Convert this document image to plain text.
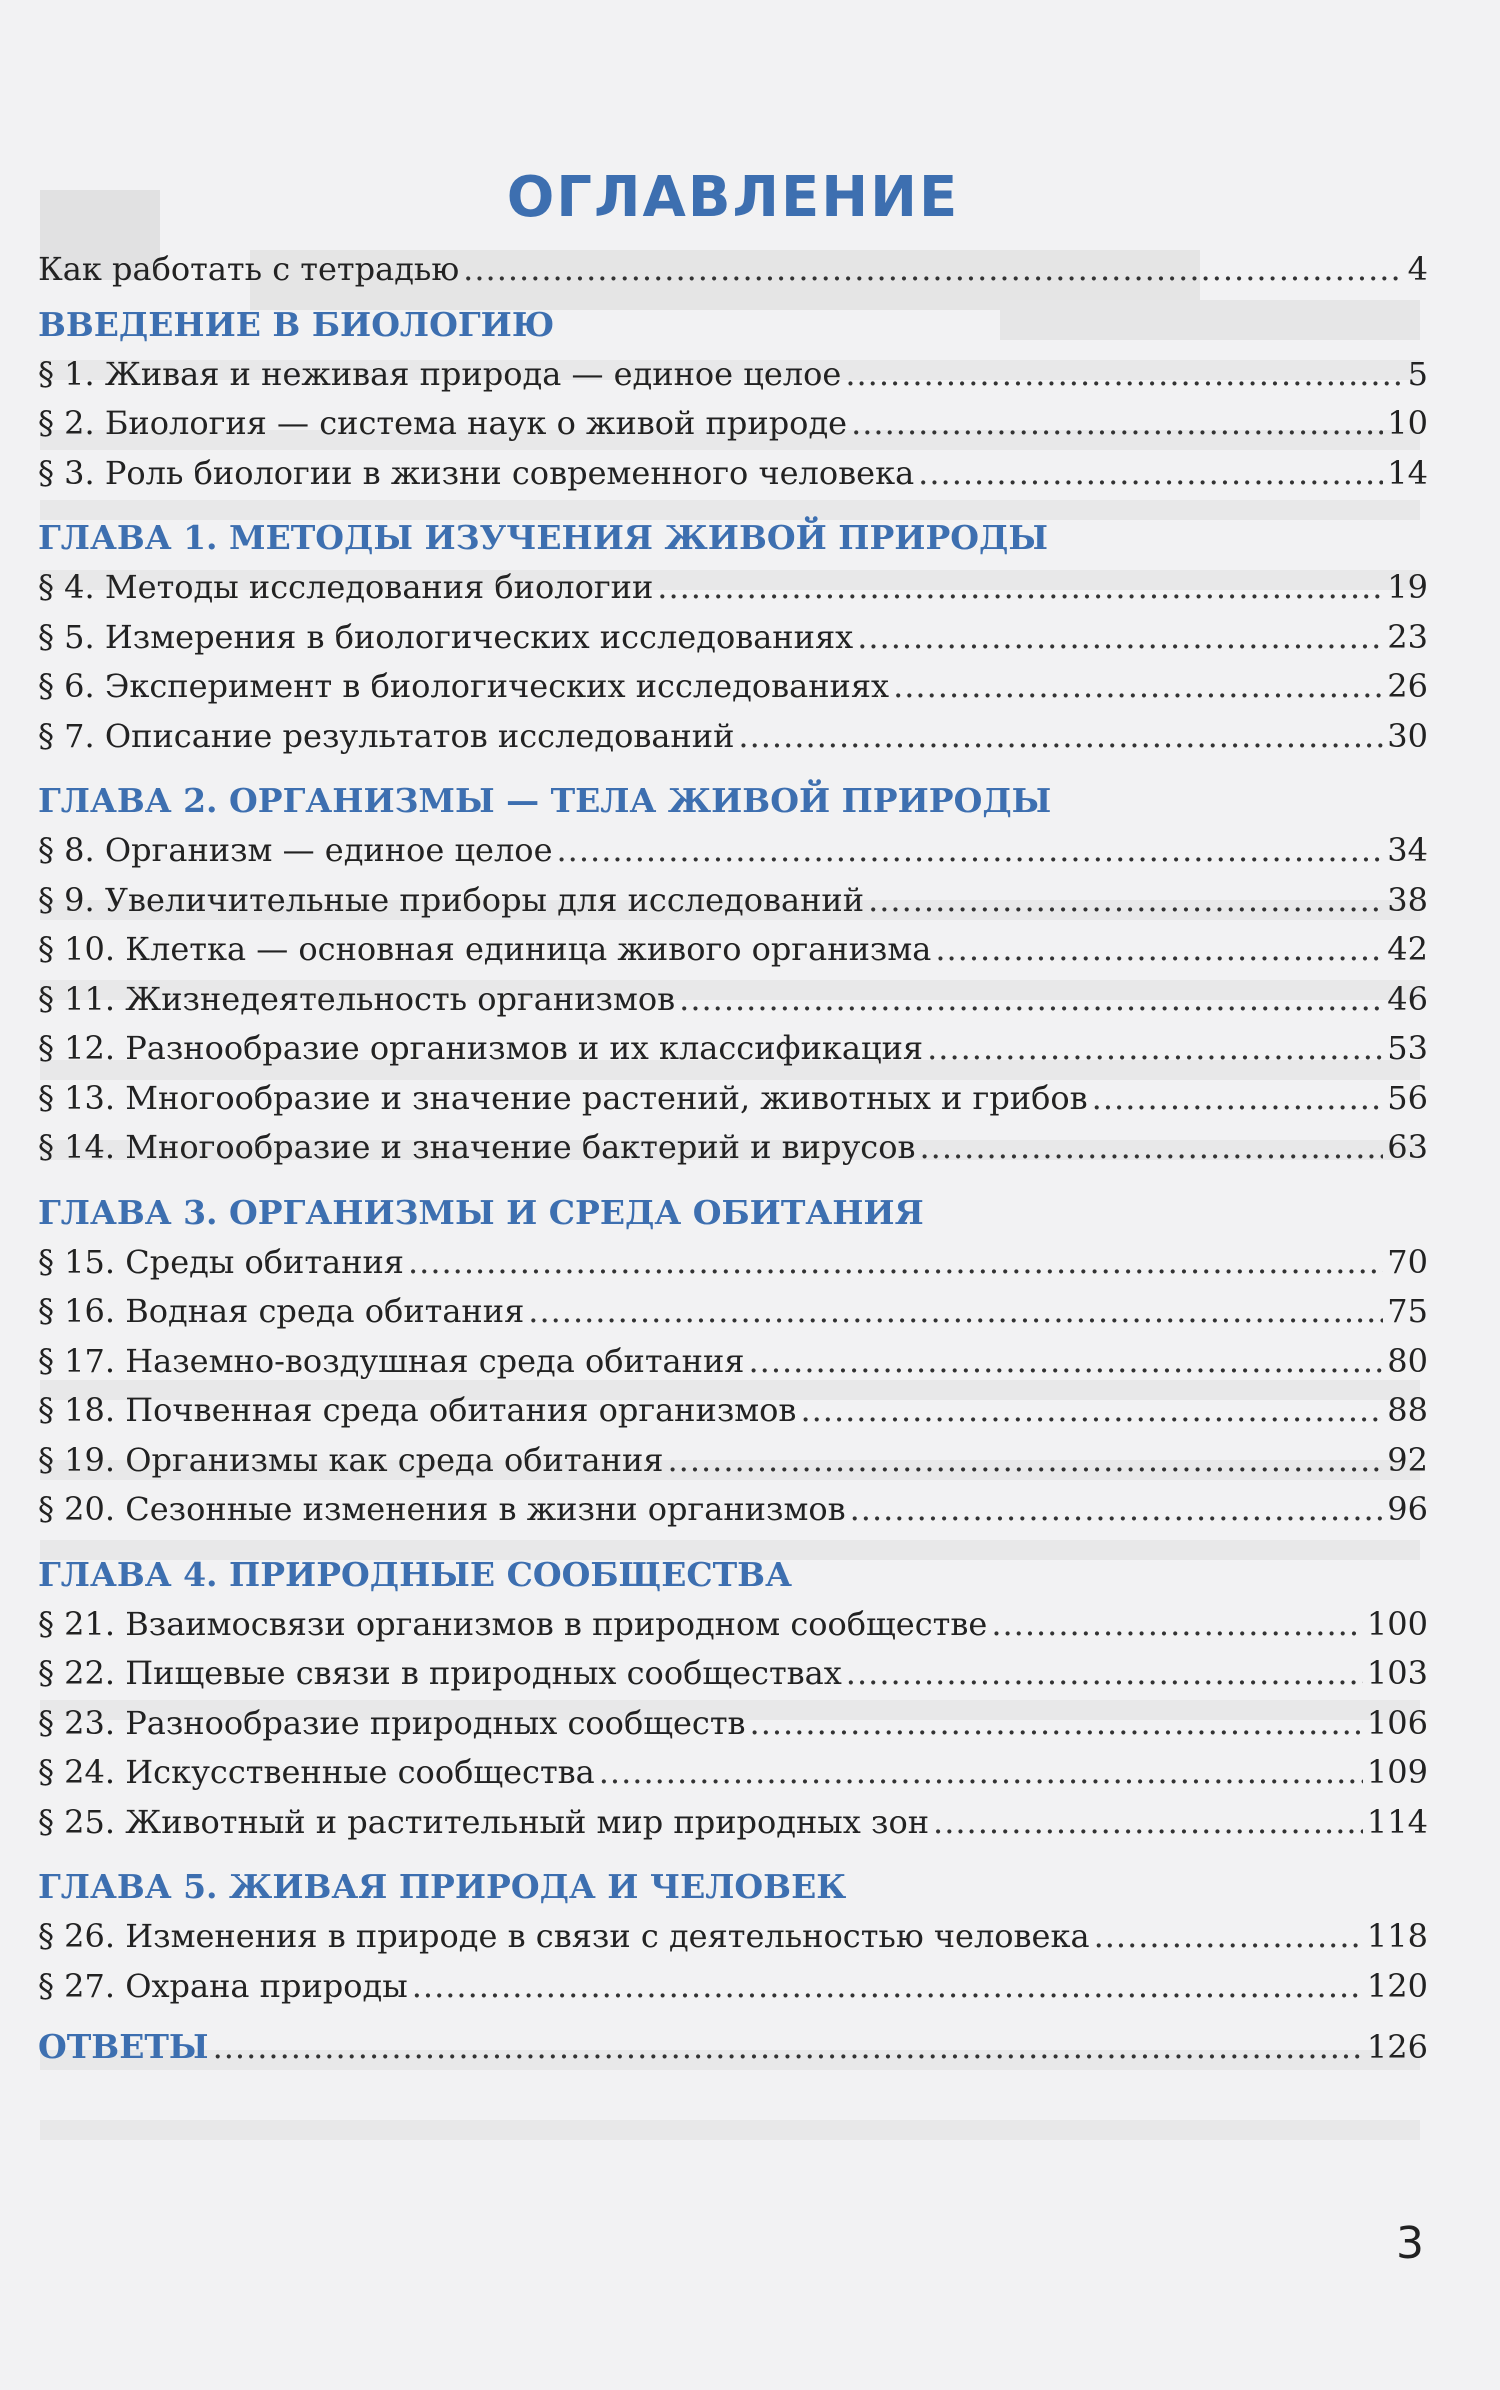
ОГЛАВЛЕНИЕ
Как работать с тетрадью .....	4
ВВЕДЕНИЕ В БИОЛОГИЮ
§ 1. Живая и неживая природа — единое целое .....	5
§ 2. Биология — система наук о живой природе .....	10
§ 3. Роль биологии в жизни современного человека .....	14
ГЛАВА 1. МЕТОДЫ ИЗУЧЕНИЯ ЖИВОЙ ПРИРОДЫ
§ 4. Методы исследования биологии .....	19
§ 5. Измерения в биологических исследованиях .....	23
§ 6. Эксперимент в биологических исследованиях .....	26
§ 7. Описание результатов исследований .....	30
ГЛАВА 2. ОРГАНИЗМЫ — ТЕЛА ЖИВОЙ ПРИРОДЫ
§ 8. Организм — единое целое .....	34
§ 9. Увеличительные приборы для исследований .....	38
§ 10. Клетка — основная единица живого организма .....	42
§ 11. Жизнедеятельность организмов .....	46
§ 12. Разнообразие организмов и их классификация .....	53
§ 13. Многообразие и значение растений, животных и грибов .....	56
§ 14. Многообразие и значение бактерий и вирусов .....	63
ГЛАВА 3. ОРГАНИЗМЫ И СРЕДА ОБИТАНИЯ
§ 15. Среды обитания .....	70
§ 16. Водная среда обитания .....	75
§ 17. Наземно-воздушная среда обитания .....	80
§ 18. Почвенная среда обитания организмов .....	88
§ 19. Организмы как среда обитания .....	92
§ 20. Сезонные изменения в жизни организмов .....	96
ГЛАВА 4. ПРИРОДНЫЕ СООБЩЕСТВА
§ 21. Взаимосвязи организмов в природном сообществе .....	100
§ 22. Пищевые связи в природных сообществах .....	103
§ 23. Разнообразие природных сообществ .....	106
§ 24. Искусственные сообщества .....	109
§ 25. Животный и растительный мир природных зон .....	114
ГЛАВА 5. ЖИВАЯ ПРИРОДА И ЧЕЛОВЕК
§ 26. Изменения в природе в связи с деятельностью человека .....	118
§ 27. Охрана природы .....	120
ОТВЕТЫ .....	126
3
